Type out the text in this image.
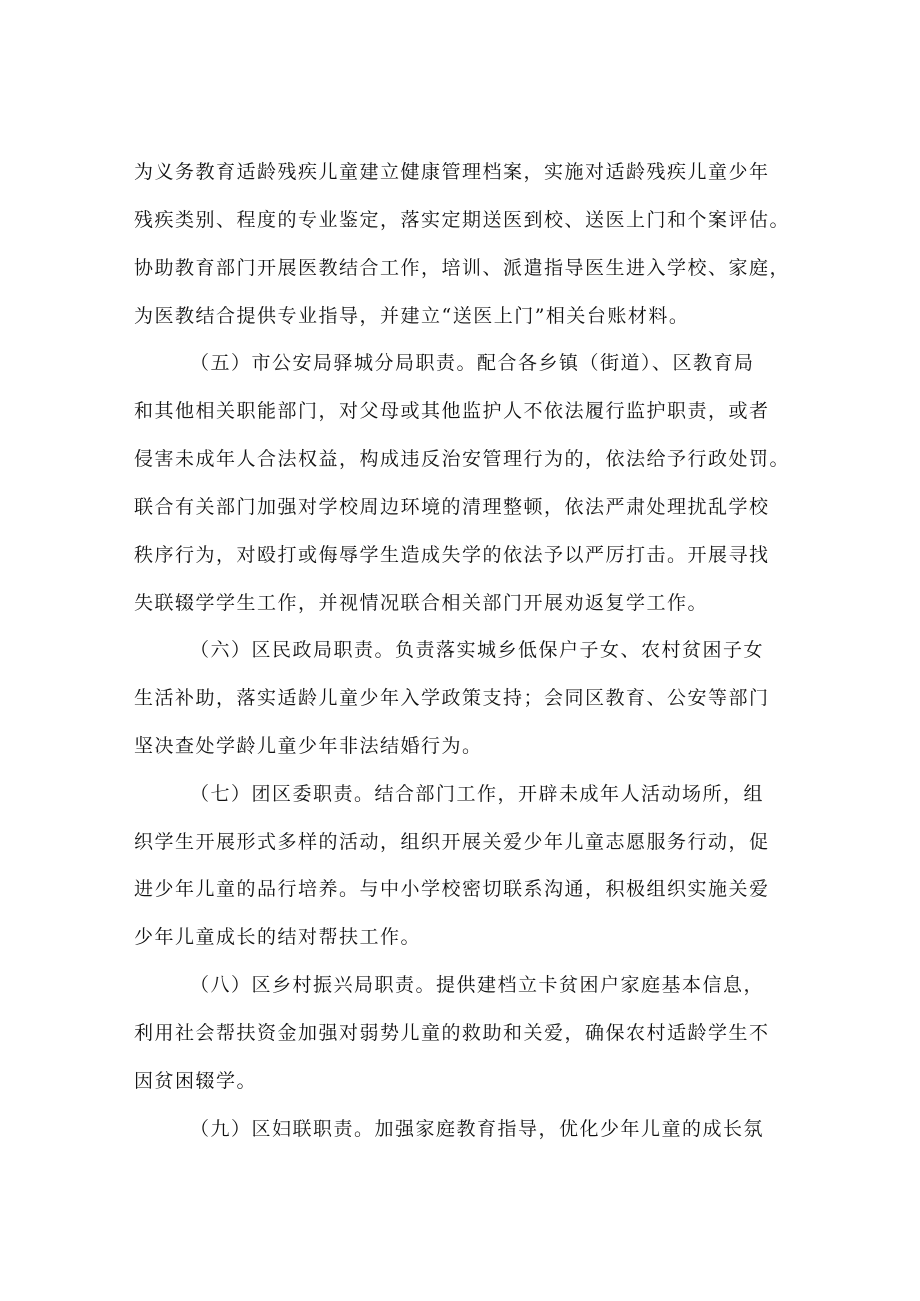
为义务教育适龄残疾儿童建立健康管理档案，实施对适龄残疾儿童少年
残疾类别、程度的专业鉴定，落实定期送医到校、送医上门和个案评估。
协助教育部门开展医教结合工作，培训、派遣指导医生进入学校、家庭，
为医教结合提供专业指导，并建立“送医上门”相关台账材料。
（五）市公安局驿城分局职责。配合各乡镇（街道）、区教育局
和其他相关职能部门，对父母或其他监护人不依法履行监护职责，或者
侵害未成年人合法权益，构成违反治安管理行为的，依法给予行政处罚。
联合有关部门加强对学校周边环境的清理整顿，依法严肃处理扰乱学校
秩序行为，对殴打或侮辱学生造成失学的依法予以严厉打击。开展寻找
失联辍学学生工作，并视情况联合相关部门开展劝返复学工作。
（六）区民政局职责。负责落实城乡低保户子女、农村贫困子女
生活补助，落实适龄儿童少年入学政策支持；会同区教育、公安等部门
坚决查处学龄儿童少年非法结婚行为。
（七）团区委职责。结合部门工作，开辟未成年人活动场所，组
织学生开展形式多样的活动，组织开展关爱少年儿童志愿服务行动，促
进少年儿童的品行培养。与中小学校密切联系沟通，积极组织实施关爱
少年儿童成长的结对帮扶工作。
（八）区乡村振兴局职责。提供建档立卡贫困户家庭基本信息，
利用社会帮扶资金加强对弱势儿童的救助和关爱，确保农村适龄学生不
因贫困辍学。
（九）区妇联职责。加强家庭教育指导，优化少年儿童的成长氛
